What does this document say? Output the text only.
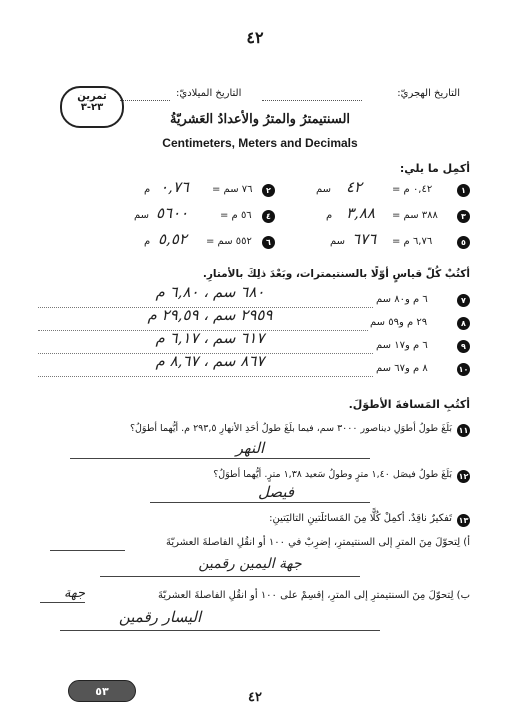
٤٢
التاريخ الهجريّ:
التاريخ الميلاديّ:
تمرين
٢٣-٣
السنتيمترُ والمترُ والأعدادُ العَشريّةُ
Centimeters, Meters and Decimals
أكمِل ما يلي:
١
٠,٤٢ م =
٤٢
سم
٢
٧٦ سم =
٠,٧٦
م
٣
٣٨٨ سم =
٣,٨٨
م
٤
٥٦ م =
٥٦٠٠
سم
٥
٦,٧٦ م =
٦٧٦
سم
٦
٥٥٢ سم =
٥,٥٢
م
أكتُبْ كُلّ قياسٍ أوّلًا بالسنتيمترات، وبَعْدَ ذلِكَ بالأمتارِ.
٧
٦ م و٨٠ سم
٦٨٠ سم ، ٦,٨٠ م
٨
٢٩ م و٥٩ سم
٢٩٥٩ سم ، ٢٩,٥٩ م
٩
٦ م و١٧ سم
٦١٧ سم ، ٦,١٧ م
١٠
٨ م و٦٧ سم
٨٦٧ سم ، ٨,٦٧ م
أكتُبِ المَسافةَ الأطوَلَ.
١١
بَلَغَ طولُ أطوَلِ ديناصور ٣٠٠٠ سم، فيما بلَغَ طولُ أحَدِ الأنهارِ ٢٩٣,٥ م. أيُّهما أطوَلُ؟
النهر
١٢
بَلَغَ طولُ فيصَل ١,٤٠ مترٍ وطولُ سَعيد ١,٣٨ مترٍ. أيُّهما أطوَلُ؟
فيصل
١٣
تَفكيرٌ ناقِدٌ. أكمِلْ كُلًّا مِنَ المَسائلَتينِ التاليَتينِ:
أ) لِتحوّلَ مِنَ المترِ إلى السنتيمترِ، إضرِبْ في ١٠٠ أو انقُلِ الفاصلةَ العشريّةَ
جهة اليمين رقمين
ب) لِتحوّلَ مِنَ السنتيمترِ إلى المترِ، إقسِمْ على ١٠٠ أو انقُلِ الفاصلةَ العشريّةَ
جهة
اليسار رقمين
٥٣	٤٢
